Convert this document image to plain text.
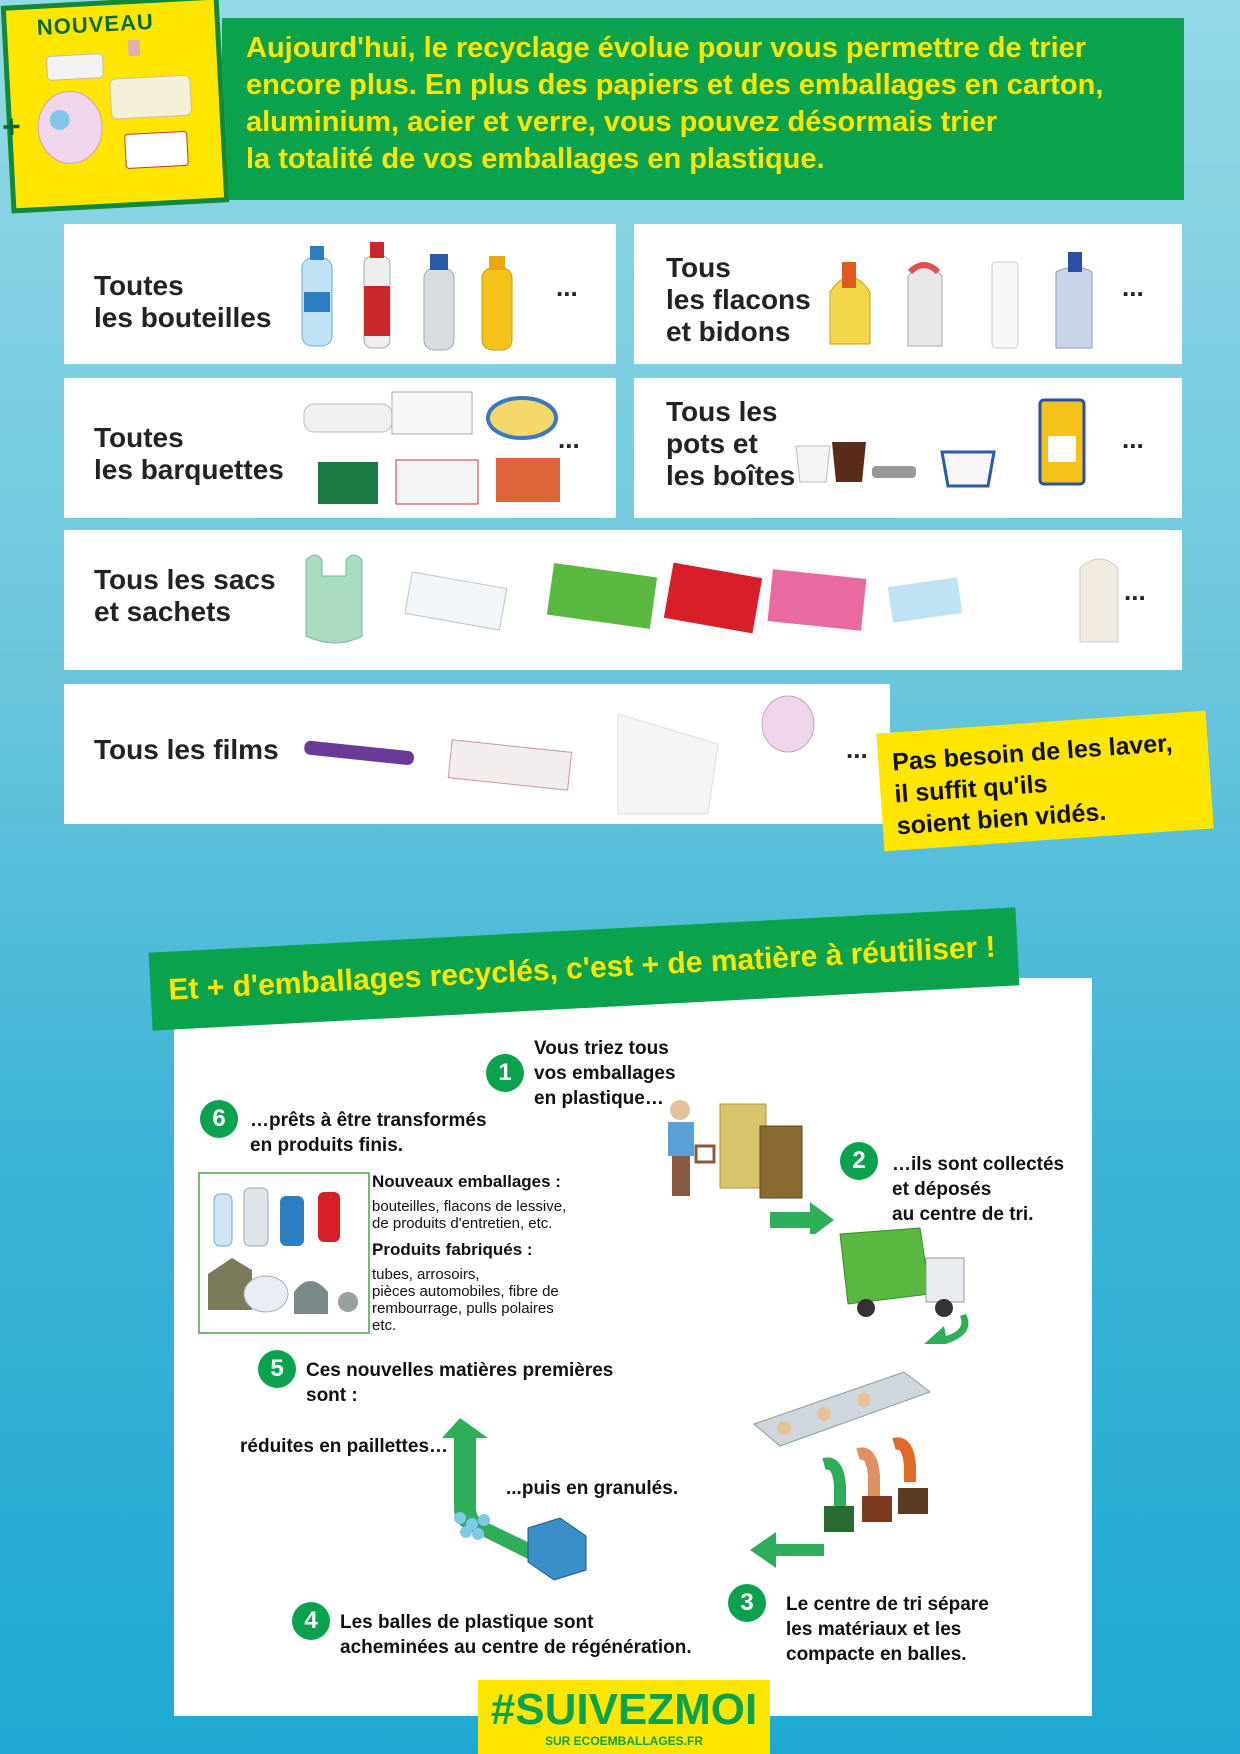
NOUVEAU
+
Aujourd'hui, le recyclage évolue pour vous permettre de trier
encore plus. En plus des papiers et des emballages en carton,
aluminium, acier et verre, vous pouvez désormais trier
la totalité de vos emballages en plastique.
Toutes
les bouteilles
...
Tous
les flacons
et bidons
...
Toutes
les barquettes
...
Tous les
pots et
les boîtes
...
Tous les sacs
et sachets
...
Tous les films	... Pas besoin de les laver,
il suffit qu'ils
soient bien vidés.
Et + d'emballages recyclés, c'est + de matière à réutiliser !
1
Vous triez tous
vos emballages
en plastique…
2	…ils sont collectés
et déposés
au centre de tri.
3	Le centre de tri sépare
les matériaux et les
compacte en balles.
4	Les balles de plastique sont
acheminées au centre de régénération.
5	Ces nouvelles matières premières
sont :
6	…prêts à être transformés
en produits finis.
Nouveaux emballages :
bouteilles, flacons de lessive,
de produits d'entretien, etc.
Produits fabriqués :
tubes, arrosoirs,
pièces automobiles, fibre de
rembourrage, pulls polaires
etc.
réduites en paillettes…
...puis en granulés.
#SUIVEZMOI
SUR ECOEMBALLAGES.FR
